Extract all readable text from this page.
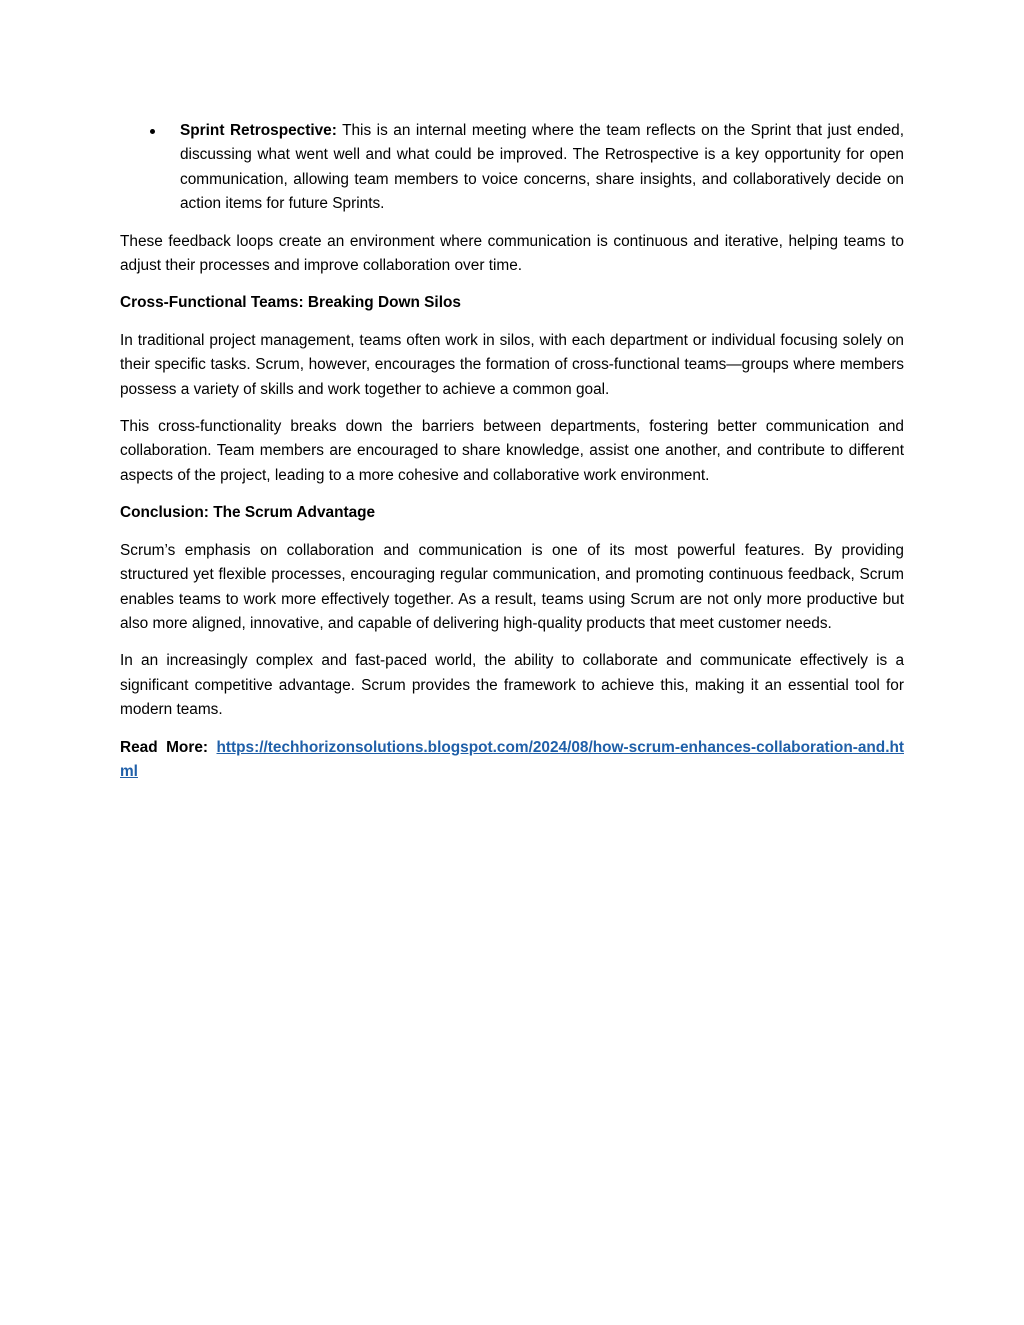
Sprint Retrospective: This is an internal meeting where the team reflects on the Sprint that just ended, discussing what went well and what could be improved. The Retrospective is a key opportunity for open communication, allowing team members to voice concerns, share insights, and collaboratively decide on action items for future Sprints.

These feedback loops create an environment where communication is continuous and iterative, helping teams to adjust their processes and improve collaboration over time.

Cross-Functional Teams: Breaking Down Silos

In traditional project management, teams often work in silos, with each department or individual focusing solely on their specific tasks. Scrum, however, encourages the formation of cross-functional teams—groups where members possess a variety of skills and work together to achieve a common goal.

This cross-functionality breaks down the barriers between departments, fostering better communication and collaboration. Team members are encouraged to share knowledge, assist one another, and contribute to different aspects of the project, leading to a more cohesive and collaborative work environment.

Conclusion: The Scrum Advantage

Scrum’s emphasis on collaboration and communication is one of its most powerful features. By providing structured yet flexible processes, encouraging regular communication, and promoting continuous feedback, Scrum enables teams to work more effectively together. As a result, teams using Scrum are not only more productive but also more aligned, innovative, and capable of delivering high-quality products that meet customer needs.

In an increasingly complex and fast-paced world, the ability to collaborate and communicate effectively is a significant competitive advantage. Scrum provides the framework to achieve this, making it an essential tool for modern teams.

Read More: https://techhorizonsolutions.blogspot.com/2024/08/how-scrum-enhances-collaboration-and.html
